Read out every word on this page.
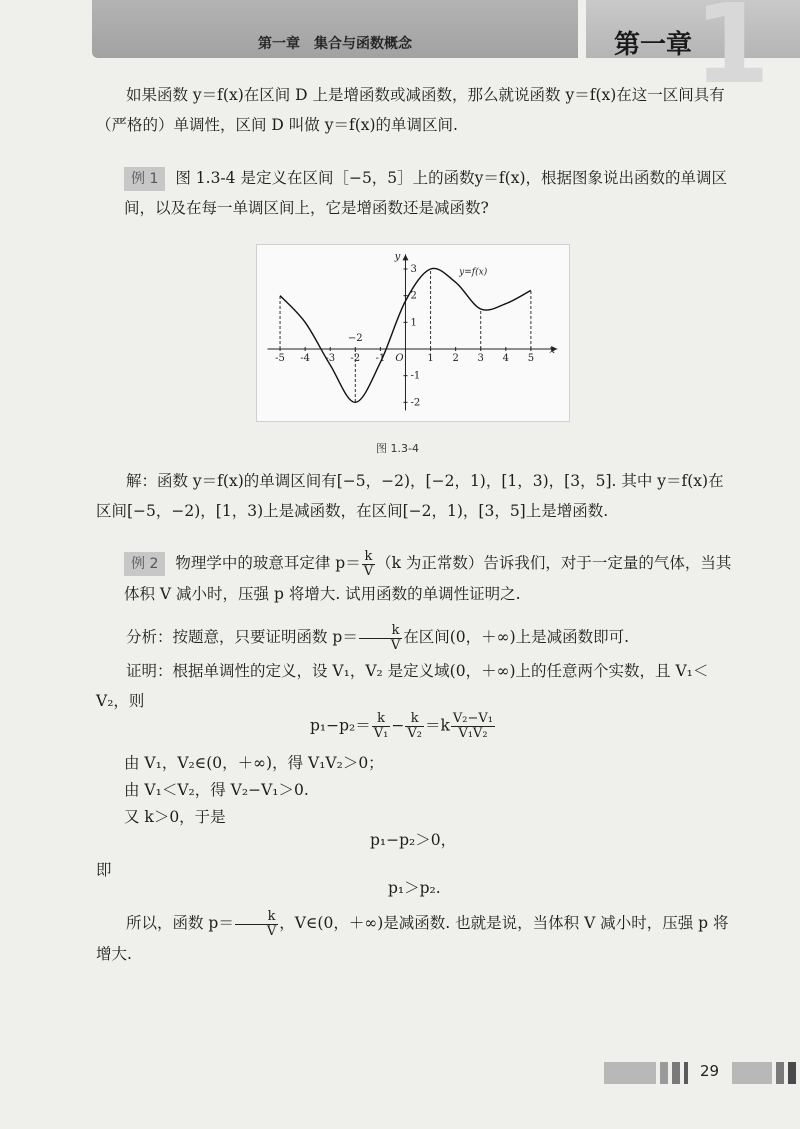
第一章　集合与函数概念	1
第一章
如果函数 y＝f(x)在区间 D 上是增函数或减函数，那么就说函数 y＝f(x)在这一区间具有（严格的）单调性，区间 D 叫做 y＝f(x)的单调区间.
例 1 图 1.3-4 是定义在区间［−5，5］上的函数y＝f(x)，根据图象说出函数的单调区间，以及在每一单调区间上，它是增函数还是减函数?
x
y
O
-5 -4 -3 -2 -1	1 2 3 4 5
3
2
1
-1
-2
−2
y=f(x)
图 1.3-4
解：函数 y＝f(x)的单调区间有[−5，−2)，[−2，1)，[1，3)，[3，5]. 其中 y＝f(x)在区间[−5，−2)，[1，3)上是减函数，在区间[−2，1)，[3，5]上是增函数.
例 2 物理学中的玻意耳定律 $p= \frac{k}{V} (k$ 为正常数）告诉我们，对于一定量的气体，当其体积 V 减小时，压强 p 将增大. 试用函数的单调性证明之.
分析：按题意，只要证明函数 $p= \frac{k}{V}$ 在区间(0，＋∞)上是减函数即可.
证明：根据单调性的定义，设 V₁，V₂ 是定义域(0，＋∞)上的任意两个实数，且 V₁＜V₂，则
$p_1-p_2= \frac{k}{\text{V₁}} - \frac{k}{\text{V₂}} =k \frac{\text{V₂−V₁}}{\text{V₁V₂}}$
由 V₁，V₂∈(0，＋∞)，得 V₁V₂＞0；
由 V₁＜V₂，得 V₂−V₁＞0.
又 k＞0，于是
p₁−p₂＞0，
即
p₁＞p₂.
所以，函数 $p= \frac{k}{V}$ ，V∈(0，＋∞)是减函数. 也就是说，当体积 V 减小时，压强 p 将增大.
29
